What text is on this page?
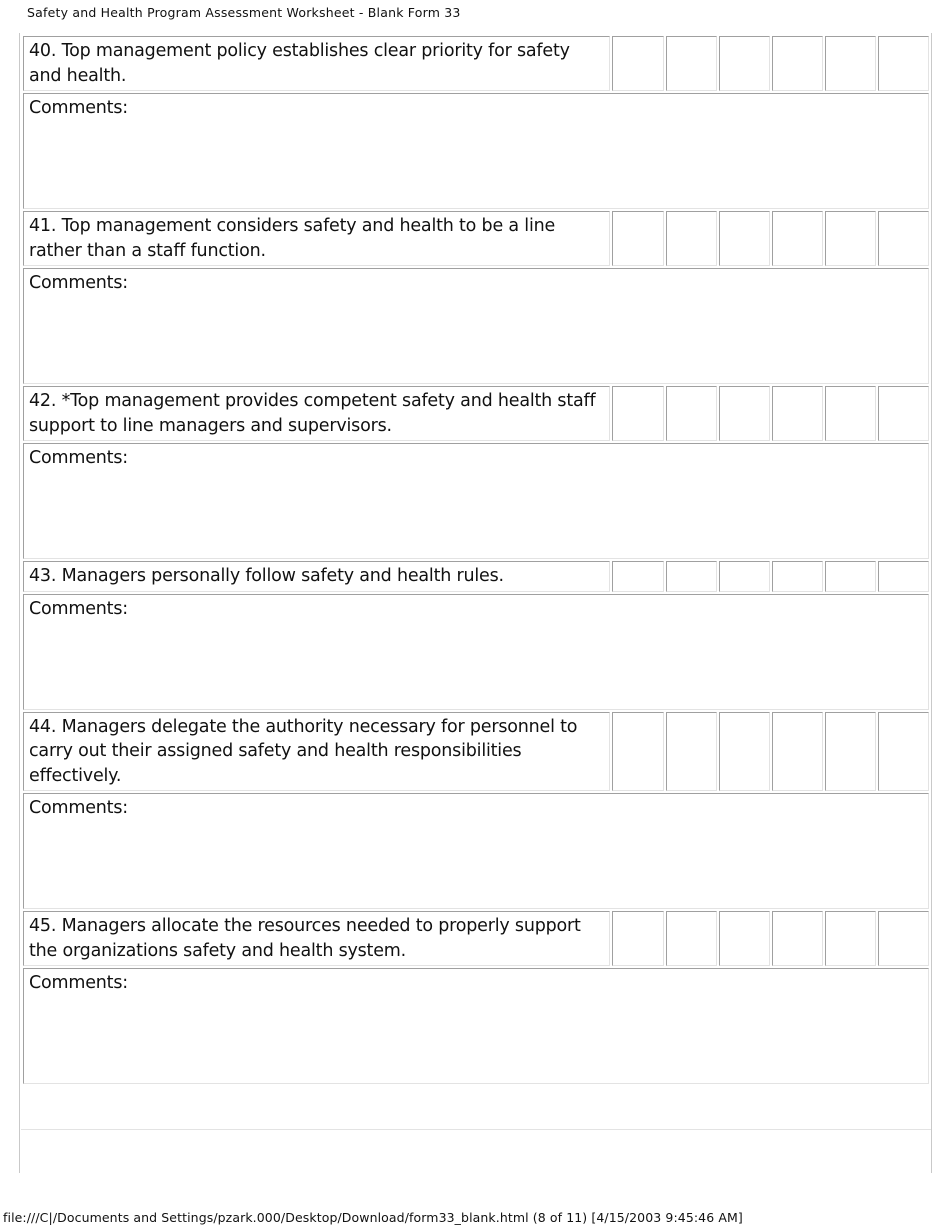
Safety and Health Program Assessment Worksheet - Blank Form 33
40. Top management policy establishes clear priority for safety and health.						
Comments:						
41. Top management considers safety and health to be a line rather than a staff function.						
Comments:						
42. *Top management provides competent safety and health staff support to line managers and supervisors.						
Comments:						
43. Managers personally follow safety and health rules.						
Comments:						
44. Managers delegate the authority necessary for personnel to carry out their assigned safety and health responsibilities effectively.						
Comments:						
45. Managers allocate the resources needed to properly support the organizations safety and health system.						
Comments:						
file:///C|/Documents and Settings/pzark.000/Desktop/Download/form33_blank.html (8 of 11) [4/15/2003 9:45:46 AM]
